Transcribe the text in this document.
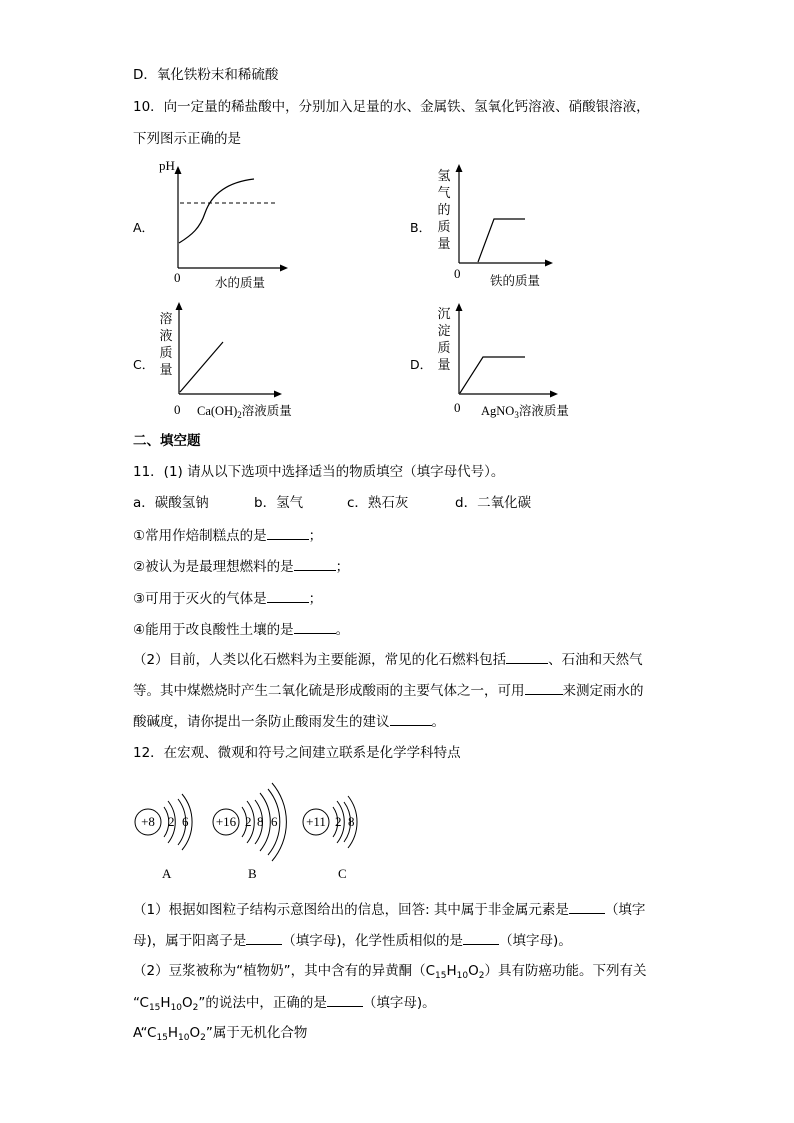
D．氧化铁粉末和稀硫酸
10．向一定量的稀盐酸中，分别加入足量的水、金属铁、氢氧化钙溶液、硝酸银溶液，
下列图示正确的是
A．
pH
0	水的质量
B．
氢气的质量
0 铁的质量
C．
溶液质量
0 $Ca(OH)_2$溶液质量
D．
沉淀质量
0 AgNO$_3$溶液质量
二、填空题
11．(1) 请从以下选项中选择适当的物质填空（填字母代号）。
a．碳酸氢钠	b．氢气	c．熟石灰	d．二氧化碳
①常用作焙制糕点的是	；
②被认为是最理想燃料的是	；
③可用于灭火的气体是	；
④能用于改良酸性土壤的是	。
（2）目前，人类以化石燃料为主要能源，常见的化石燃料包括	、石油和天然气
等。其中煤燃烧时产生二氧化硫是形成酸雨的主要气体之一，可用	来测定雨水的
酸碱度，请你提出一条防止酸雨发生的建议	。
12．在宏观、微观和符号之间建立联系是化学学科特点
+8	2 6
A
+16 2 8 6
B
+11 2 8
C
（1）根据如图粒子结构示意图给出的信息，回答: 其中属于非金属元素是	（填字
母)，属于阳离子是	（填字母)，化学性质相似的是	（填字母)。
（2）豆浆被称为“植物奶”，其中含有的异黄酮$(C_{15}H_{10}O_2)$具有防癌功能。下列有关
“$C_{15}H_{10}O_2$”的说法中，正确的是	（填字母)。
$A“C_{15}H_{10}O_2$”属于无机化合物
